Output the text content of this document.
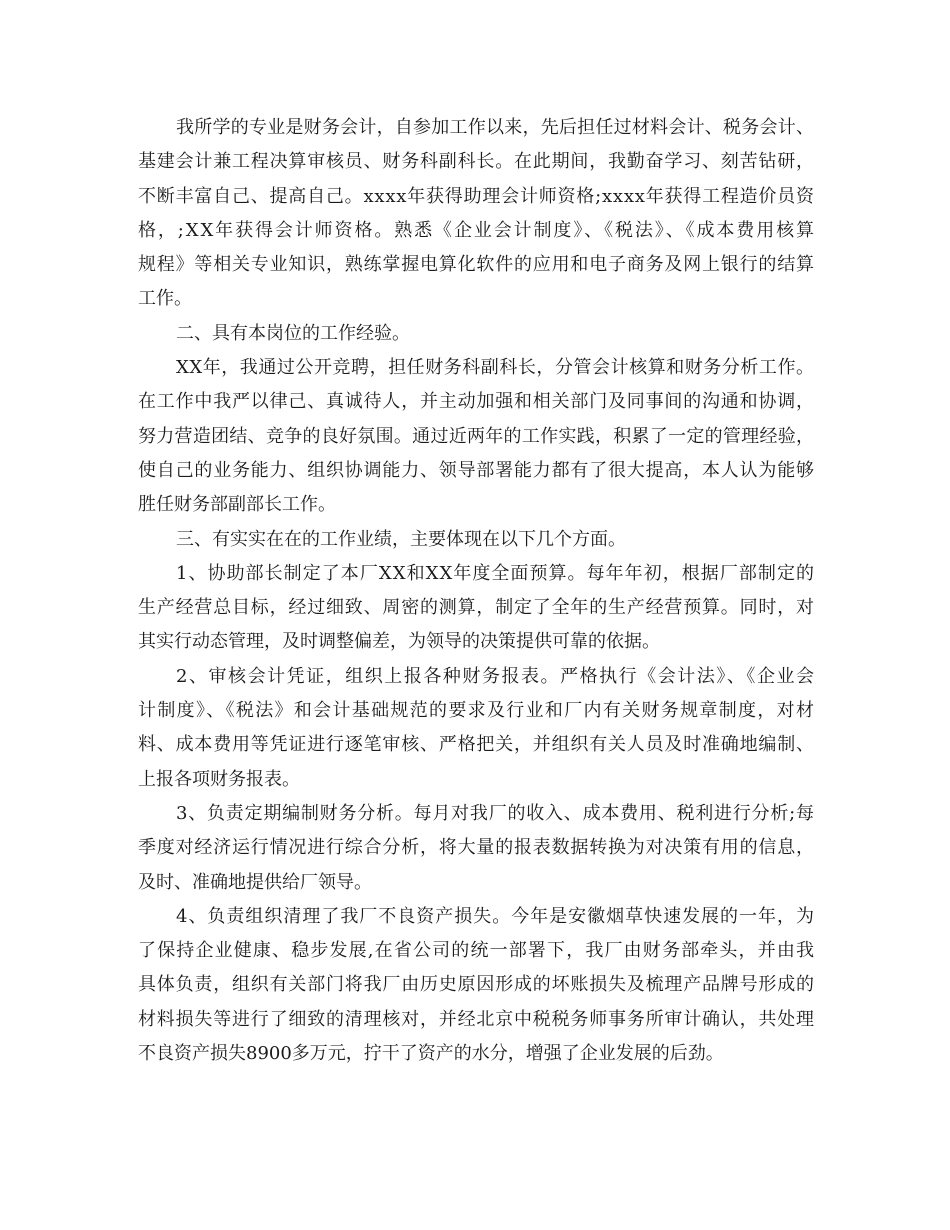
我所学的专业是财务会计，自参加工作以来，先后担任过材料会计、税务会计、
基建会计兼工程决算审核员、财务科副科长。在此期间，我勤奋学习、刻苦钻研，
不断丰富自己、提高自己。xxxx年获得助理会计师资格;xxxx年获得工程造价员资
格，;XX年获得会计师资格。熟悉《企业会计制度》、《税法》、《成本费用核算
规程》等相关专业知识，熟练掌握电算化软件的应用和电子商务及网上银行的结算
工作。
二、具有本岗位的工作经验。
XX年，我通过公开竞聘，担任财务科副科长，分管会计核算和财务分析工作。
在工作中我严以律己、真诚待人，并主动加强和相关部门及同事间的沟通和协调，
努力营造团结、竞争的良好氛围。通过近两年的工作实践，积累了一定的管理经验，
使自己的业务能力、组织协调能力、领导部署能力都有了很大提高，本人认为能够
胜任财务部副部长工作。
三、有实实在在的工作业绩，主要体现在以下几个方面。
1、协助部长制定了本厂XX和XX年度全面预算。每年年初，根据厂部制定的
生产经营总目标，经过细致、周密的测算，制定了全年的生产经营预算。同时，对
其实行动态管理，及时调整偏差，为领导的决策提供可靠的依据。
2、审核会计凭证，组织上报各种财务报表。严格执行《会计法》、《企业会
计制度》、《税法》和会计基础规范的要求及行业和厂内有关财务规章制度，对材
料、成本费用等凭证进行逐笔审核、严格把关，并组织有关人员及时准确地编制、
上报各项财务报表。
3、负责定期编制财务分析。每月对我厂的收入、成本费用、税利进行分析;每
季度对经济运行情况进行综合分析，将大量的报表数据转换为对决策有用的信息，
及时、准确地提供给厂领导。
4、负责组织清理了我厂不良资产损失。今年是安徽烟草快速发展的一年，为
了保持企业健康、稳步发展,在省公司的统一部署下，我厂由财务部牵头，并由我
具体负责，组织有关部门将我厂由历史原因形成的坏账损失及梳理产品牌号形成的
材料损失等进行了细致的清理核对，并经北京中税税务师事务所审计确认，共处理
不良资产损失8900多万元，拧干了资产的水分，增强了企业发展的后劲。
